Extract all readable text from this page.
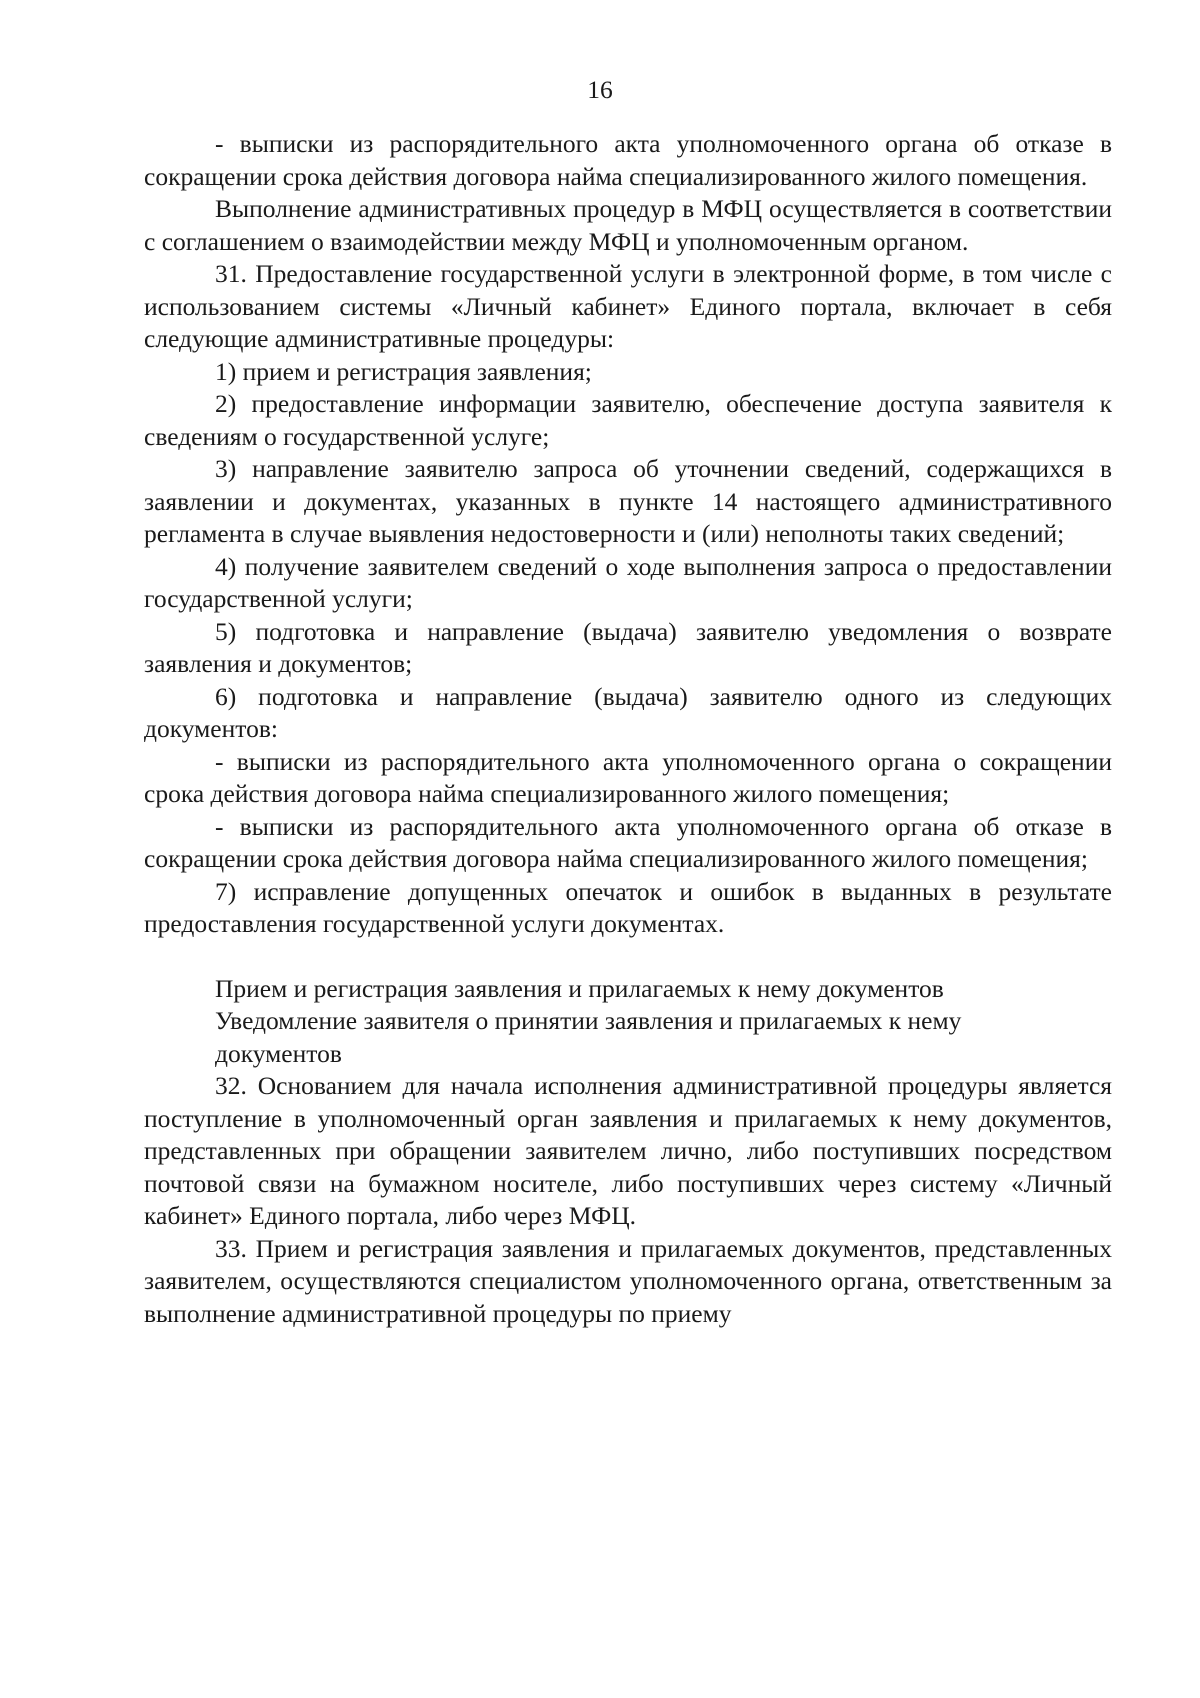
16

- выписки из распорядительного акта уполномоченного органа об отказе в сокращении срока действия договора найма специализированного жилого помещения.

Выполнение административных процедур в МФЦ осуществляется в соответствии с соглашением о взаимодействии между МФЦ и уполномоченным органом.

31. Предоставление государственной услуги в электронной форме, в том числе с использованием системы «Личный кабинет» Единого портала, включает в себя следующие административные процедуры:

1) прием и регистрация заявления;

2) предоставление информации заявителю, обеспечение доступа заявителя к сведениям о государственной услуге;

3) направление заявителю запроса об уточнении сведений, содержащихся в заявлении и документах, указанных в пункте 14 настоящего административного регламента в случае выявления недостоверности и (или) неполноты таких сведений;

4) получение заявителем сведений о ходе выполнения запроса о предоставлении государственной услуги;

5) подготовка и направление (выдача) заявителю уведомления о возврате заявления и документов;

6) подготовка и направление (выдача) заявителю одного из следующих документов:

- выписки из распорядительного акта уполномоченного органа о сокращении срока действия договора найма специализированного жилого помещения;

- выписки из распорядительного акта уполномоченного органа об отказе в сокращении срока действия договора найма специализированного жилого помещения;

7) исправление допущенных опечаток и ошибок в выданных в результате предоставления государственной услуги документах.

Прием и регистрация заявления и прилагаемых к нему документов

Уведомление заявителя о принятии заявления и прилагаемых к нему

документов

32. Основанием для начала исполнения административной процедуры является поступление в уполномоченный орган заявления и прилагаемых к нему документов, представленных при обращении заявителем лично, либо поступивших посредством почтовой связи на бумажном носителе, либо поступивших через систему «Личный кабинет» Единого портала, либо через МФЦ.

33. Прием и регистрация заявления и прилагаемых документов, представленных заявителем, осуществляются специалистом уполномоченного органа, ответственным за выполнение административной процедуры по приему
